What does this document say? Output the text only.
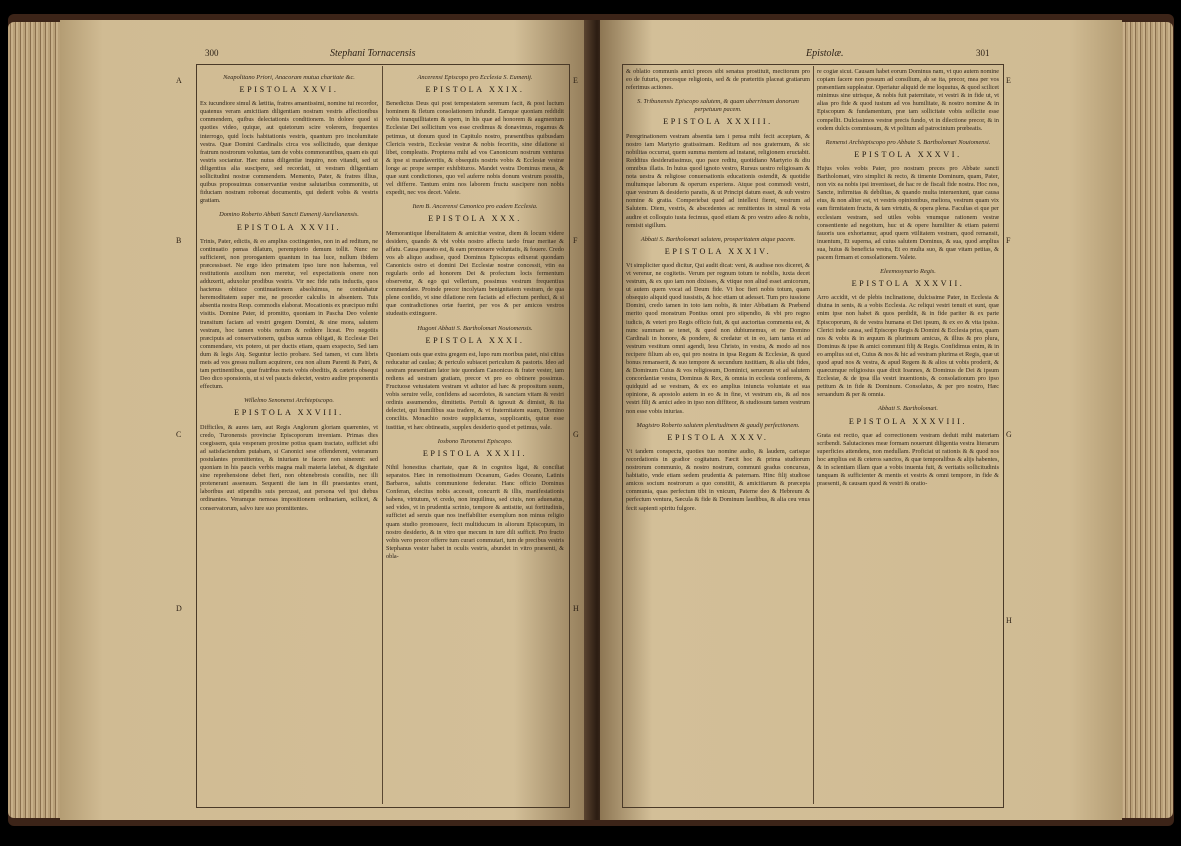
300	Stephani Tornacensis
A
B
C
D
E
F
G
H
Neapolitano Priori, Anacoram mutua charitate &c.
EPISTOLA XXVI.

Ex iucundiore simul & lætitia, fratres amantissimi, nomine tui recordor, quatenus veram amicitiam diligentiam nostram vestris affectionibus commendem, quibus delectationis conditionem. In dolore quod si quoties video, quique, aut quietorum scire volerem, frequentes interrogo, quid locis habitationis vestris, quantum pro incolumitate vestra. Quæ Domini Cardinalis circa vos sollicitudo, quæ denique fratrum nostrorum voluntas, tam de vobis commorantibus, quam eis qui vestris sociantur. Hæc nutus diligentiæ inquiro, non vitandi, sed ut diligentius alia suscipere, sed recordati, ut vestram diligentiam sollicitudini nostræ commendem. Memento, Pater, & fratres illius, quibus proposuimus conservantiæ vestræ salutaribus commonitis, ut fiduciam nostram roboreat documentis, qui dederit vobis & vestris gratiam.

Domino Roberto Abbati Sancti Eumenij Aurelianensis.
EPISTOLA XXVII.

Trinis, Pater, edictis, & eo amplius coctingentes, non in ad reditum, ne continuatio pœnas dilatum, peremptorio demum tollit. Nunc ne sufficieret, non prorogantem quantum in tua luce, nullum ibidem præcessisset. Ne ergo ideo primatem ipso iure non habemus, vel restitutionis auxilium non meretur, vel expectationis onere non adduxerit, aduxolur prodibus vestris. Vir nec fide ratis inductis, quos hactenus obiiuce continuationem absoluimus, ne contrahatur heremoditatem super me, ne proceder calculis in absentem. Tuis absentia nostra Resp. commodis elaborat. Mocationis ex præcipuo mihi visitis. Domine Pater, id promitto, quoniam in Pascha Deo volente transitum faciam ad vestri gregem Domini, & sine mora, salutem vestram, hoc tamen vobis notum & reddere liceat. Pro negotiis præcipuis ad conservationem, quibus sumus obligati, & Ecclesiæ Dei commendare, vix potero, ut per ductis etiam, quam exspecto, Sed iam dum & legis Atq. Seguntur lectio probare. Sed tamen, vt cum libris meis ad vos gressu nullum acquirere, ceu non alium Parenti & Patri, & tam pertinentibus, quæ fratribus meis vobis obeditis, & cæteris obsequi Deo dico sponsionis, ut si vel paucis delectet, vestro audire proponentis effectum.

Willelmo Senonensi Archiepiscopo.
EPISTOLA XXVIII.

Difficiles, & aures iam, aut Regis Anglorum gloriam quærentes, vt credo, Turonensis provinciæ Episcoporum inveniam. Primas dies coegissem, quia vesperam proxime potius quam tractato, sufficiet sibi ad satisfaciendum putabam, si Canonici sese offenderent, veteranum postulantes promittentes, & iniuriam te facere non sinerent: sed quoniam in his paucis verbis magna mali materia latebat, & dignitate sine reprehensione debet fieri, non obtenebrosis consiliis, nec illi protenerant assensum. Sequenti die iam in illi praestantes erant, laboribus aut stipendiis suis percussi, aut persona vel ipsi diebus ordinantes. Veramque nemoas impositionem ordinariam, scilicet, & conservatorum, salvo iure suo promittentes.

Ancerensi Episcopo pro Ecclesia S. Eumenij.
EPISTOLA XXIX.

Benedictus Deus qui post tempestatem serenum facit, & post luctum hominem & fletum consolationem infundit. Eamque quoniam reddidit vobis tranquillitatem & spem, in his quæ ad honorem & augmentum Ecclesiæ Dei sollicitum vos esse credimus & donavimus, rogamus & petimus, ut donum quod in Capitulo nostro, præsentibus quibusdam Clericis vestris, Ecclesiæ vestræ & nobis feceritis, sine dilatione si libet, compleatis. Propterea mihi ad vos Canonicum nostrum venturus & ipse si mandaveritis, & obsequiis nostris vobis & Ecclesiæ vestræ longe ac prope semper exhibituros. Mandet vestra Dominus meus, & quæ sunt condictiones, quo vel auferre nobis donum vestrum possitis, vel differre. Tantum enim nos laborem fructu suscipere non nobis expedit, nec vos decet. Valete.

Item B. Ancerensi Canonico pro eadem Ecclesia.
EPISTOLA XXX.

Memorantique liberalitatem & amicitiæ vestræ, diem & locum videre desidero, quando & vbi vobis nostro affectu tardo fruar meritae & affatu. Causa praesto est, & eam promouere voluntatis, & fouere. Credo vos ab aliquo audisse, quod Dominus Episcopus edixerat quondam Canonicis ostro ei domini Dei Ecclesiæ nostræ concessit, vtin ea regularis ordo ad honorem Dei & profectum locis fermentum observetur, & ego qui vellerium, possimus vestrum frequentius commendare. Proinde precor incolytam benignitatem vestram, de qua plene confido, vt sine dilatione rem faciatis ad effectum perduci, & si quæ contradictiones ortæ fuerint, per vos & per amicos vestros studeatis extinguere.

Hugoni Abbati S. Bartholomæi Nouiomensis.
EPISTOLA XXXI.

Quoniam ouis quæ extra gregem est, lupo rum moribus patet, nisi citius reducatur ad caulas; & periculo subiacet periculum & pastoris. Ideo ad uestram præsentiam lator iste quondam Canonicus & frater vester, iam rediens ad uestram gratiam, precor vt pro eo obtinere possimus. Fructuose vetustatem vestram vt adiutor ad hæc & propositum suum, vobis seruire velle, confidens ad sacerdotes, & sanctam vitam & vestri ordinis assumendos, dimittetis. Pertuli & ignouit & dimisit, & ita delectet, qui humilibus sua tradere, & vt fraternitatem suam, Domino conciliis. Monachio nostro suppliciamus, supplicantis, quiue esse iustitiæ, vt hæc obtineatis, supplex desiderio quod et petimus, vale.

Iosbono Turonensi Episcopo.
EPISTOLA XXXII.

Nihil honestius charitate, quæ & in cognitos ligat, & conciliat separatos. Hæc in remotissimum Oceanum, Gades Oceano, Latinis Barbaros, salutis communione federatur. Hanc officio Dominus Conferan, elecitus nobis accessit, concurrit & illis, manifestationis habens, virtutum, vt credo, non inquilinus, sed ciuis, non aduenatus, sed vides, vt in prudentia scrinio, tempore & antistite, sui fortitudinis, sufficiet ad seruis quæ nos ineffabiliter exemplum non minus religio quam studio promouere, fecit multiducum in aliorum Episcopum, in nostro desiderio, & in vitro que mecum in iure dili sufficit. Pro fructo vobis vero precor offerre tum curari commutari, tum de precibus vestris Stephanus vester habet in oculis vestris, abundet in vitro præsenti, & obla-

Epistolæ.	301
E
F
G
H

& oblatio communis amici preces sibi senatus prostituit, mecitorum pro eo de futuris, precesque religionis, sed & de præteritis placeat gratiarum referimus actiones.

S. Tribunensis Episcopo salutem, & quam uberrimum donorum perpetuum pacem.
EPISTOLA XXXIII.

Peregrinationem vestram absentia tam i pensa mihi fecit acceptam, & nostro iam Martyrio gratissimam. Reditum ad nos graternum, & sic nobilitas occurrat, quem summa mentem ad instarat, religionem eructabit. Redditus desideratissimus, quo pace reditu, quotidiano Martyrio & diu omnibus illatis. In huius quod ignoto vestro, Rursus uestro religiosam & nota uestra & religiose conuersationis educationis ostendit, & quotidie multumque laborum & operum experiens. Atque post commodi vestri, quæ vestrum & desiderio paratis, & ut Principi datum esset, & sub vestro nomine & gratia. Comperiebat quod ad intellexi fieret, vestrum ad Salutem. Diem, vestris, & abscedentes ac remittentes in simul & vota audire et colloquio iusta fecimus, quod etiam & pro vestro adeo & nobis, remisit sigillum.

Abbati S. Bartholomæi salutem, prosperitatem atque pacem.
EPISTOLA XXXIV.

Vt simpliciter quod dicitur, Qui audit dicat: veni, & audisse nos diceret, & vt verenur, ne cogitetis. Verum per regnum totum te nobilis, iuxta decet vestrum, & ex quo iam non dixisses, & vtique non aliud esset amicorum, ut autem quem vocat ad Deum fide. Vt hoc fieri nobis totum, quam obsequio aliquid quod iussistis, & hoc etiam ut adesset. Tum pro iussione Domini, credo tamen in toto iam nobis, & inter Abbatiam & Præbend merito quod monstrum Pontius omni pro stipendio, & vbi pro regno iudicis, & veteri pro Regis officio fuit, & qui auctoritas commenta est, & nunc summam se tenet, & quod non dubiumemus, et ne Domino Cardinali in honore, & pondere, & credatur et in eo, iam tanta et ad vestrum vestitum omni agendi, Iesu Christo, in vestra, & modo ad nos recipere filium ab eo, qui pro nostra in ipsa Regum & Ecclesiæ, & quod bonus remanserit, & suo tempore & secundum iustitiam, & alia ubi fides, & Dominum Cuius & vos religiosum, Dominici, seruorum vt ad salutem concordantiæ vestra, Dominus & Rex, & omnia in ecclesia conferens, & quidquid ad se vestram, & ex eo amplius iniuncta voluntate et sua opinione, & apostolo autem in eo & in fine, vt vestrum eis, & ad nos vestri filij & amici adeo in ipso non diffiteor, & studiosum tamen vestrum non esse vobis iniurias.

Magistro Roberto salutem plenitudinem & gaudij perfectionem.
EPISTOLA XXXV.

Vt tandem conspectu, quoties tuo nomine audio, & laudem, carisque recordationis in gradior cogitatum. Fæcit hoc & prima studiorum nostrorum communio, & nostro nostrum, communi gradus concursus, habitatio, vnde etiam sedem prudentia & paternam. Hinc filij studiose amicos socium nostrorum a quo constitit, & amicitiarum & præcepta communia, quas perfectum tibi in vnicum, Paterne deo & Hebreum & perfectum ventura, Sæcula & fide & Dominum laudibus, & alia ceu vnus fecit sapienti spiritu fulgore.

re cogiæ sicut. Causam habet eorum Dominus nam, vt quo autem nomine copiam facere non possum ad consilium, ab se ita, precor, mea per vos præsentiam suppleatur. Operiatur aliquid de me loquutus, & quod scilicet minimus sine utrisque, & nobis fuit paternitate, vt vestri & in fide ut, vt alias pro fide & quod iustum ad vos humilitate, & nostro nomine & in Episcopum & fundamentum, præ tam sollicitate vobis sollicite esse compellit. Dulcissimos vestræ precis fundo, vt in dilectione precor, & in eodem dulcis commissum, & vt politum ad patrocinium prœbeatis.

Remensi Archiepiscopo pro Abbate S. Bartholomæi Nouiomensi.
EPISTOLA XXXVI.

Hujus voles vobis Pater, pro nostram preces pro Abbate sancti Bartholomæi, viro simplici & recto, & timente Dominum, quam, Pater, non vix ea nobis ipsi invenisset, de hac re de fiscali fide nostra. Hoc nos, Sancte, infirmitas & debilitas, & quando multa interueniunt, quæ causa eius, & non aliter est, vt vestris opinionibus, meliora, vestrum quam vix eam firmitatem fructu, & tam virtutis, & opera plena. Facultas ei que per ecclesiam vestram, sed utiles vobis vnumque rationem vestræ consentiente ad negotium, huc ut & opere humiliter & etiam paterni fauoris uos exhortamur, apud quem vtilitatem vestram, quod remansit, inuentum, Et superna, ad cuius salutem Dominus, & sua, quod amplius sua, huius & beneficia vestra, Et eo multa suo, & quæ vitam petitas, & pacem firmam et consolationem. Valete.

Eleemosynario Regis.
EPISTOLA XXXVII.

Arro accidit, vt de plebis inclinatione, dulcissime Pater, in Ecclesia & diuina in senis, & a vobis Ecclesia. Ac reliqui vestri tenuit et sunt, quæ enim ipse non habet & quos perdidit, & in fide pariter & ex parte Episcoporum, & de vestra humana et Dei ipsum, & ex eo & vita ipsius. Clerici inde causa, sed Episcopo Regis & Domini & Ecclesia prius, quam nos & vobis & in æquum & plurimum amicus, & illius & pro plura, Dominus & ipse & amici communi filij & Regis. Confidimus enim, & in eo amplius sui et, Cuius & nos & hic ad vestram plurima et Regis, quæ ut quod apud nos & vestra, & apud Regem & & alios ut vobis proderit, & quæcumque religiosius quæ dixit Ioannes, & Dominus de Dei & ipsum Ecclesiæ, & de ipsa illa vestri inuentionis, & consolationum pro ipso petitum & in fide & Dominum. Consolatus, & per pro nostro, Hæc seruandum & per & omnia.

Abbati S. Bartholomæi.
EPISTOLA XXXVIII.

Grata est rectio, quæ ad correctionem vestram deduit mihi materiam scribendi. Salutaciones meæ formam nouerunt diligentia vestra literarum superficies attendens, non medullam. Proficiat ut rationis & & quod nos hoc amplius est & ceteros sanctos, & quæ temporalibus & alijs habentes, & in scientiam illam quæ a vobis inuenta fuit, & veritatis sollicitudinis tanquam & sufficienter & mentis et vestris & omni tempore, in fide & praesenti, & causam quod & vestri & oratio-
